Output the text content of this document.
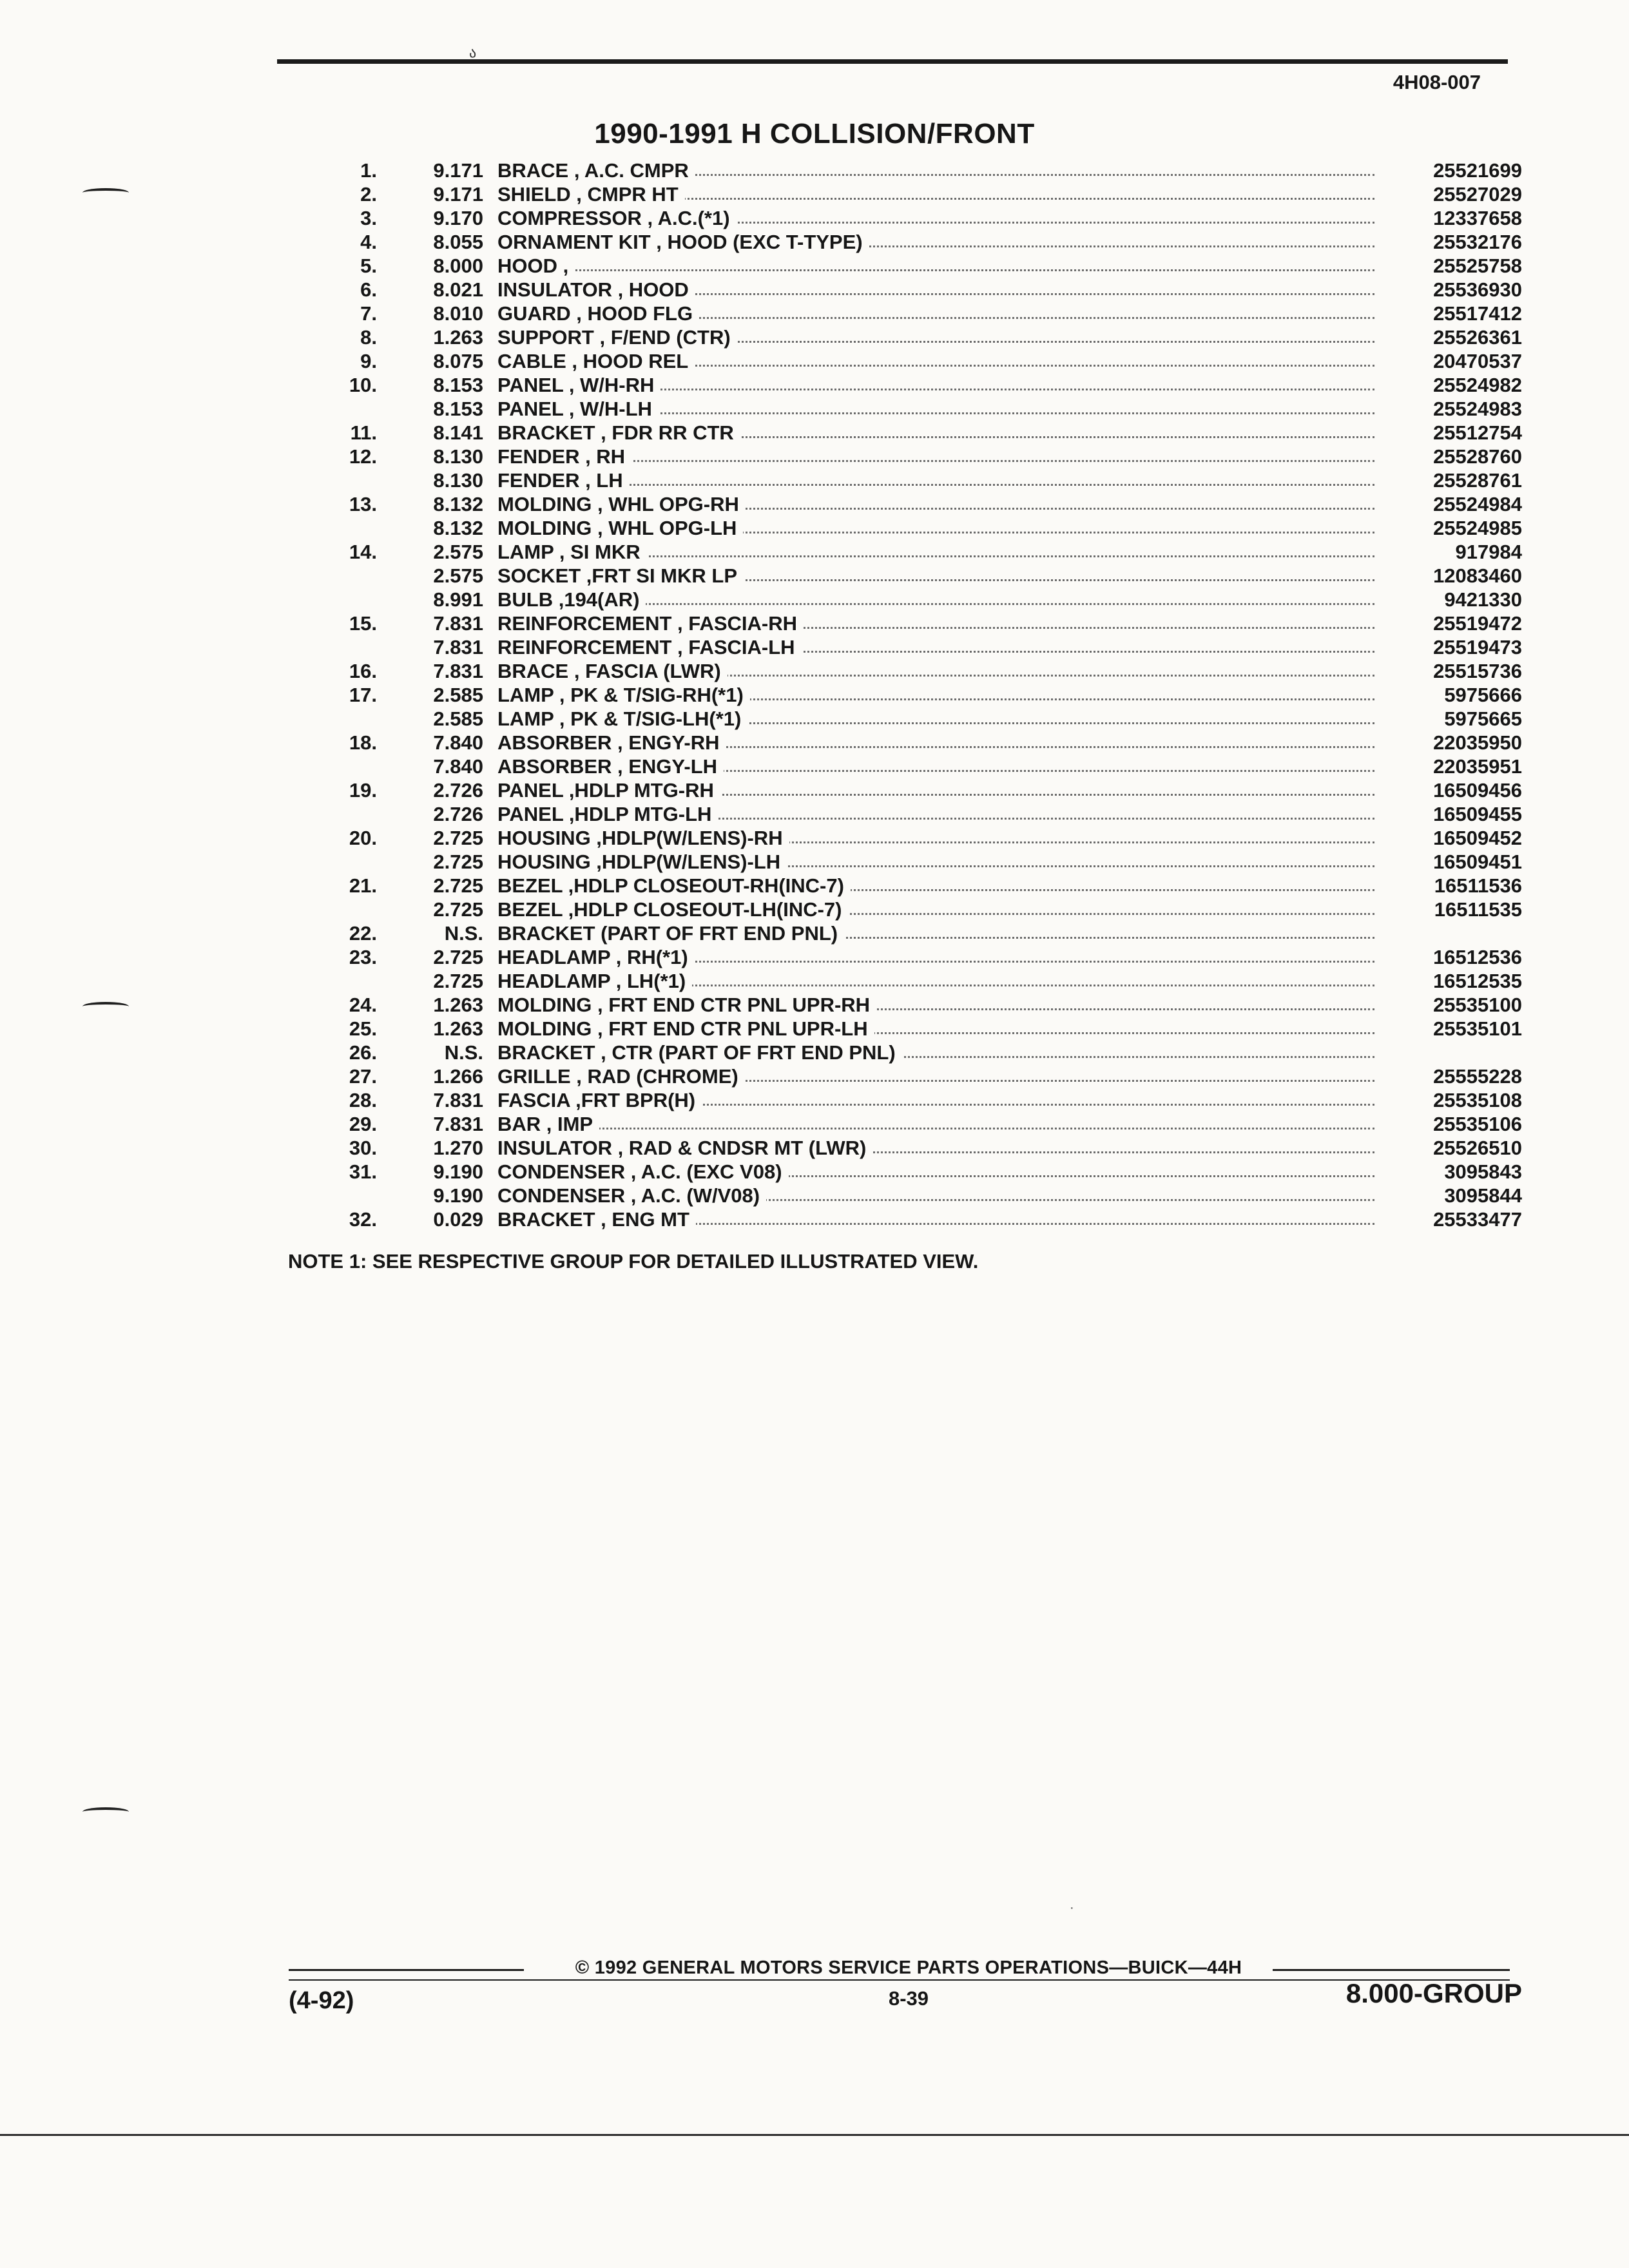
ა
4H08-007
1990-1991 H COLLISION/FRONT
1.	9.171 BRACE , A.C. CMPR	25521699
2.	9.171 SHIELD , CMPR HT	25527029
3.	9.170 COMPRESSOR , A.C.(*1)	12337658
4.	8.055 ORNAMENT KIT , HOOD (EXC T-TYPE)	25532176
5.	8.000 HOOD ,	25525758
6.	8.021 INSULATOR , HOOD	25536930
7.	8.010 GUARD , HOOD FLG	25517412
8.	1.263 SUPPORT , F/END (CTR)	25526361
9.	8.075 CABLE , HOOD REL	20470537
10.	8.153 PANEL , W/H-RH	25524982
8.153 PANEL , W/H-LH	25524983
11.	8.141 BRACKET , FDR RR CTR	25512754
12.	8.130 FENDER , RH	25528760
8.130 FENDER , LH	25528761
13.	8.132 MOLDING , WHL OPG-RH	25524984
8.132 MOLDING , WHL OPG-LH	25524985
14.	2.575 LAMP , SI MKR	917984
2.575 SOCKET ,FRT SI MKR LP	12083460
8.991 BULB ,194(AR)	9421330
15.	7.831 REINFORCEMENT , FASCIA-RH	25519472
7.831 REINFORCEMENT , FASCIA-LH	25519473
16.	7.831 BRACE , FASCIA (LWR)	25515736
17.	2.585 LAMP , PK & T/SIG-RH(*1)	5975666
2.585 LAMP , PK & T/SIG-LH(*1)	5975665
18.	7.840 ABSORBER , ENGY-RH	22035950
7.840 ABSORBER , ENGY-LH	22035951
19.	2.726 PANEL ,HDLP MTG-RH	16509456
2.726 PANEL ,HDLP MTG-LH	16509455
20.	2.725 HOUSING ,HDLP(W/LENS)-RH	16509452
2.725 HOUSING ,HDLP(W/LENS)-LH	16509451
21.	2.725 BEZEL ,HDLP CLOSEOUT-RH(INC-7)	16511536
2.725 BEZEL ,HDLP CLOSEOUT-LH(INC-7)	16511535
22.	N.S. BRACKET (PART OF FRT END PNL)
23.	2.725 HEADLAMP , RH(*1)	16512536
2.725 HEADLAMP , LH(*1)	16512535
24.	1.263 MOLDING , FRT END CTR PNL UPR-RH	25535100
25.	1.263 MOLDING , FRT END CTR PNL UPR-LH	25535101
26.	N.S. BRACKET , CTR (PART OF FRT END PNL)
27.	1.266 GRILLE , RAD (CHROME)	25555228
28.	7.831 FASCIA ,FRT BPR(H)	25535108
29.	7.831 BAR , IMP	25535106
30.	1.270 INSULATOR , RAD & CNDSR MT (LWR)	25526510
31.	9.190 CONDENSER , A.C. (EXC V08)	3095843
9.190 CONDENSER , A.C. (W/V08)	3095844
32.	0.029 BRACKET , ENG MT	25533477
NOTE 1: SEE RESPECTIVE GROUP FOR DETAILED ILLUSTRATED VIEW.
·
© 1992 GENERAL MOTORS SERVICE PARTS OPERATIONS—BUICK—44H
(4-92)	8-39	8.000-GROUP
